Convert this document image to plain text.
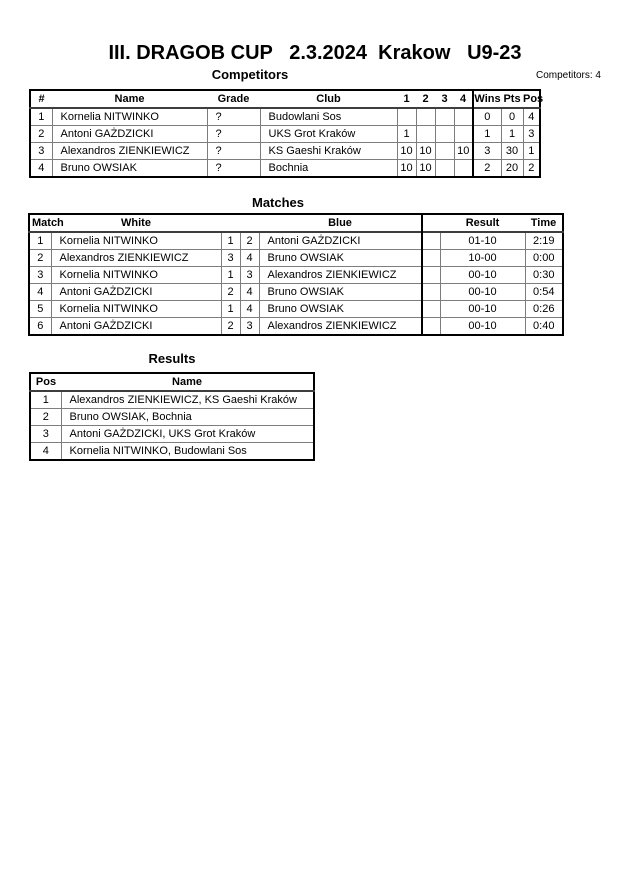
III. DRAGOB CUP   2.3.2024  Krakow   U9-23
Competitors	Competitors: 4
#	Name	Grade	Club	1	2	3	4	Wins	Pts	Pos
1	Kornelia NITWINKO	?	Budowlani Sos					0	0	4
2	Antoni GAŻDZICKI	?	UKS Grot Kraków	1				1	1	3
3	Alexandros ZIENKIEWICZ	?	KS Gaeshi Kraków	10	10		10	3	30	1
4	Bruno OWSIAK	?	Bochnia	10	10			2	20	2
Matches
Match	White			Blue		Result	Time
1	Kornelia NITWINKO	1	2	Antoni GAŻDZICKI		01-10	2:19
2	Alexandros ZIENKIEWICZ	3	4	Bruno OWSIAK		10-00	0:00
3	Kornelia NITWINKO	1	3	Alexandros ZIENKIEWICZ		00-10	0:30
4	Antoni GAŻDZICKI	2	4	Bruno OWSIAK		00-10	0:54
5	Kornelia NITWINKO	1	4	Bruno OWSIAK		00-10	0:26
6	Antoni GAŻDZICKI	2	3	Alexandros ZIENKIEWICZ		00-10	0:40
Results
Pos	Name
1	Alexandros ZIENKIEWICZ, KS Gaeshi Kraków
2	Bruno OWSIAK, Bochnia
3	Antoni GAŻDZICKI, UKS Grot Kraków
4	Kornelia NITWINKO, Budowlani Sos
